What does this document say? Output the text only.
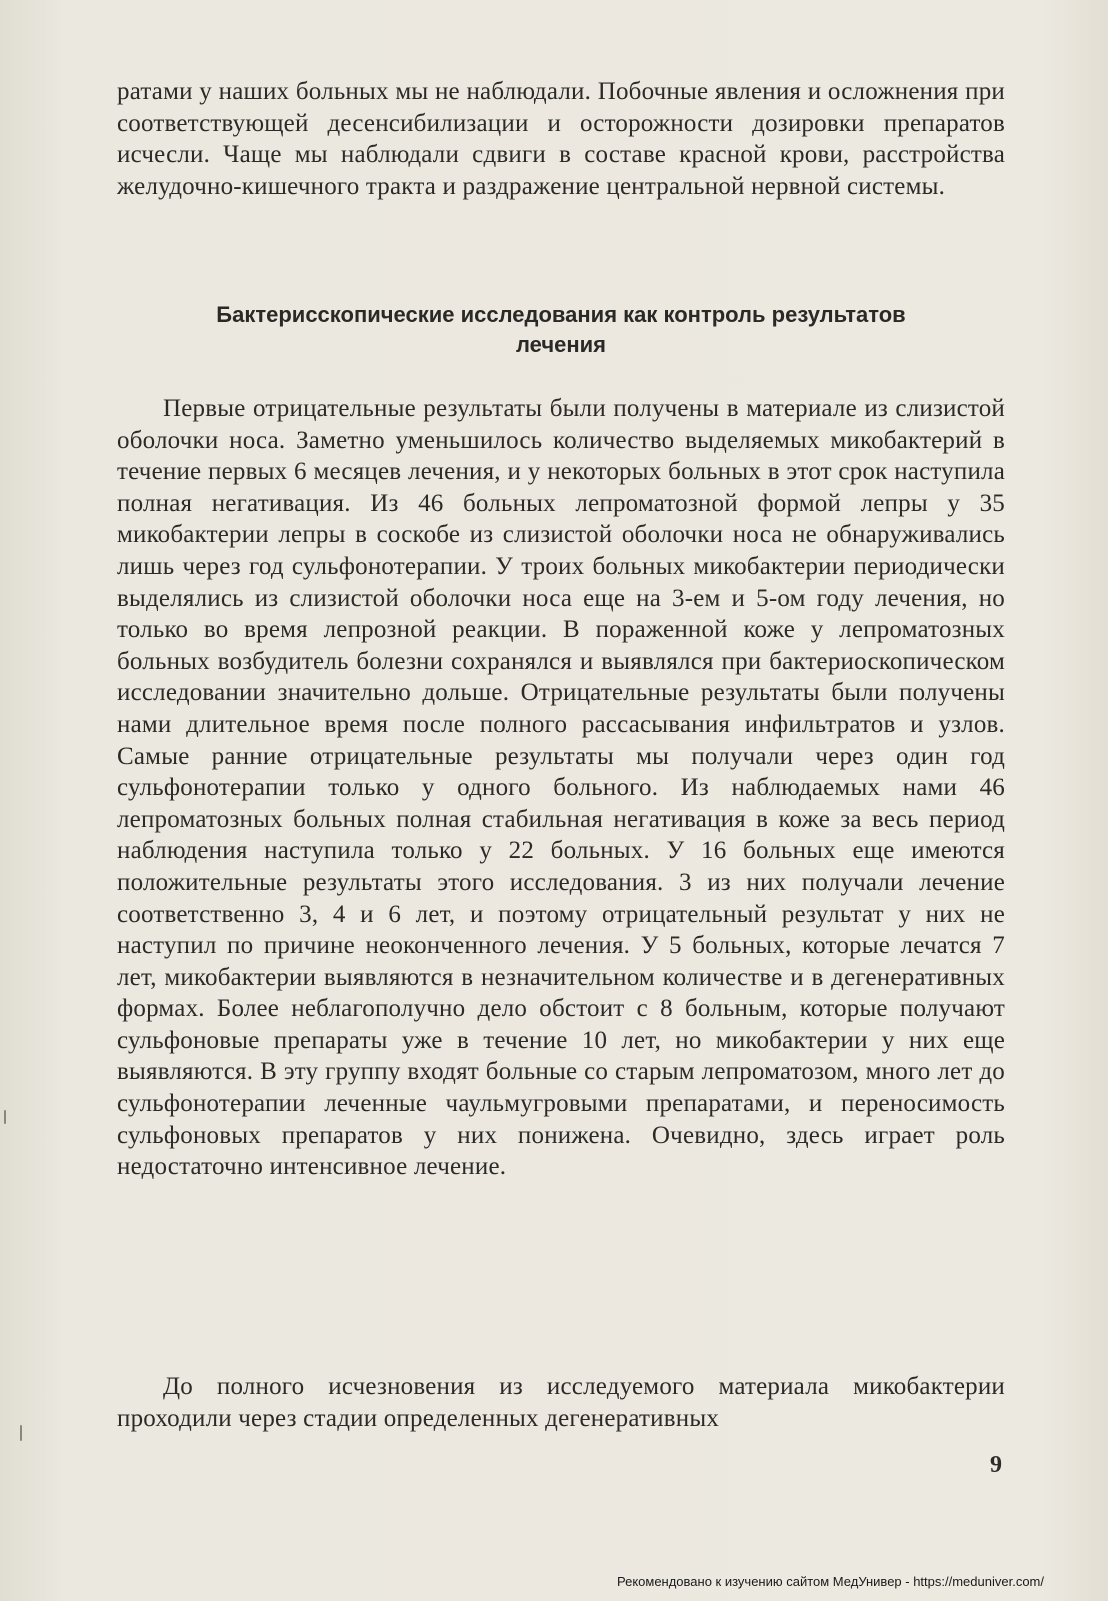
ратами у наших больных мы не наблюдали. Побочные явления и осложнения при соответствующей десенсибилизации и осторожности дозировки препаратов исчесли. Чаще мы наблюдали сдвиги в составе красной крови, расстройства желудочно-кишечного тракта и раздражение центральной нервной системы.

Бактерисскопические исследования как контроль результатов
лечения

Первые отрицательные результаты были получены в материале из слизистой оболочки носа. Заметно уменьшилось количество выделяемых микобактерий в течение первых 6 месяцев лечения, и у некоторых больных в этот срок наступила полная негативация. Из 46 больных лепроматозной формой лепры у 35 микобактерии лепры в соскобе из слизистой оболочки носа не обнаруживались лишь через год сульфонотерапии. У троих больных микобактерии периодически выделялись из слизистой оболочки носа еще на 3-ем и 5-ом году лечения, но только во время лепрозной реакции. В пораженной коже у лепроматозных больных возбудитель болезни сохранялся и выявлялся при бактериоскопическом исследовании значительно дольше. Отрицательные результаты были получены нами длительное время после полного рассасывания инфильтратов и узлов. Самые ранние отрицательные результаты мы получали через один год сульфонотерапии только у одного больного. Из наблюдаемых нами 46 лепроматозных больных полная стабильная негативация в коже за весь период наблюдения наступила только у 22 больных. У 16 больных еще имеются положительные результаты этого исследования. 3 из них получали лечение соответственно 3, 4 и 6 лет, и поэтому отрицательный результат у них не наступил по причине неоконченного лечения. У 5 больных, которые лечатся 7 лет, микобактерии выявляются в незначительном количестве и в дегенеративных формах. Более неблагополучно дело обстоит с 8 больным, которые получают сульфоновые препараты уже в течение 10 лет, но микобактерии у них еще выявляются. В эту группу входят больные со старым лепроматозом, много лет до сульфонотерапии леченные чаульмугровыми препаратами, и переносимость сульфоновых препаратов у них понижена. Очевидно, здесь играет роль недостаточно интенсивное лечение.

До полного исчезновения из исследуемого материала микобактерии проходили через стадии определенных дегенеративных

9
Рекомендовано к изучению сайтом МедУнивер - https://meduniver.com/
